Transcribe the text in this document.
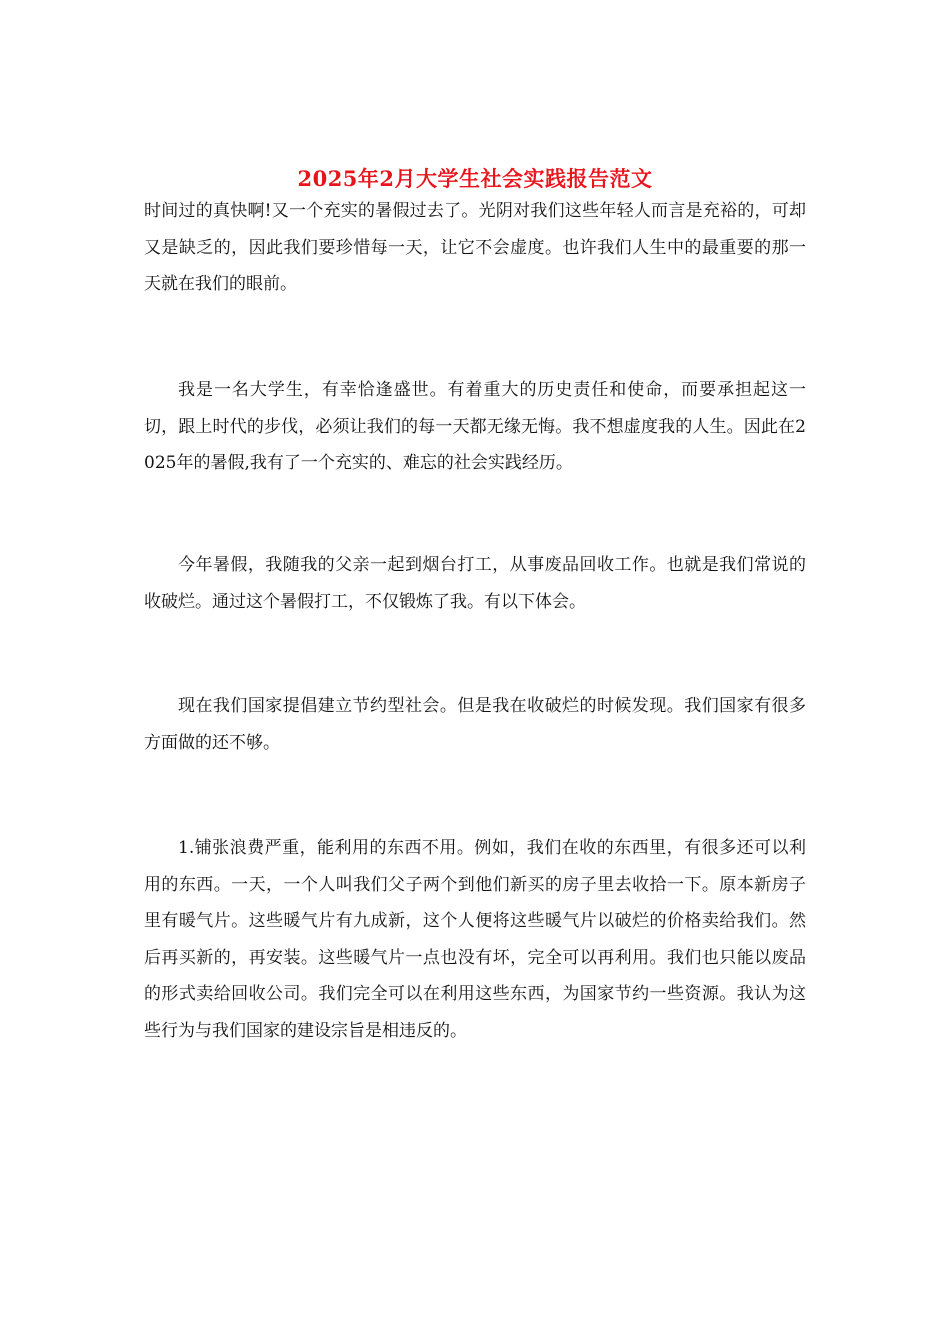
2025年2月大学生社会实践报告范文

时间过的真快啊!又一个充实的暑假过去了。光阴对我们这些年轻人而言是充裕的，可却又是缺乏的，因此我们要珍惜每一天，让它不会虚度。也许我们人生中的最重要的那一天就在我们的眼前。

我是一名大学生，有幸恰逢盛世。有着重大的历史责任和使命，而要承担起这一切，跟上时代的步伐，必须让我们的每一天都无缘无悔。我不想虚度我的人生。因此在2025年的暑假,我有了一个充实的、难忘的社会实践经历。

今年暑假，我随我的父亲一起到烟台打工，从事废品回收工作。也就是我们常说的收破烂。通过这个暑假打工，不仅锻炼了我。有以下体会。

现在我们国家提倡建立节约型社会。但是我在收破烂的时候发现。我们国家有很多方面做的还不够。

1.铺张浪费严重，能利用的东西不用。例如，我们在收的东西里，有很多还可以利用的东西。一天，一个人叫我们父子两个到他们新买的房子里去收拾一下。原本新房子里有暖气片。这些暖气片有九成新，这个人便将这些暖气片以破烂的价格卖给我们。然后再买新的，再安装。这些暖气片一点也没有坏，完全可以再利用。我们也只能以废品的形式卖给回收公司。我们完全可以在利用这些东西，为国家节约一些资源。我认为这些行为与我们国家的建设宗旨是相违反的。
